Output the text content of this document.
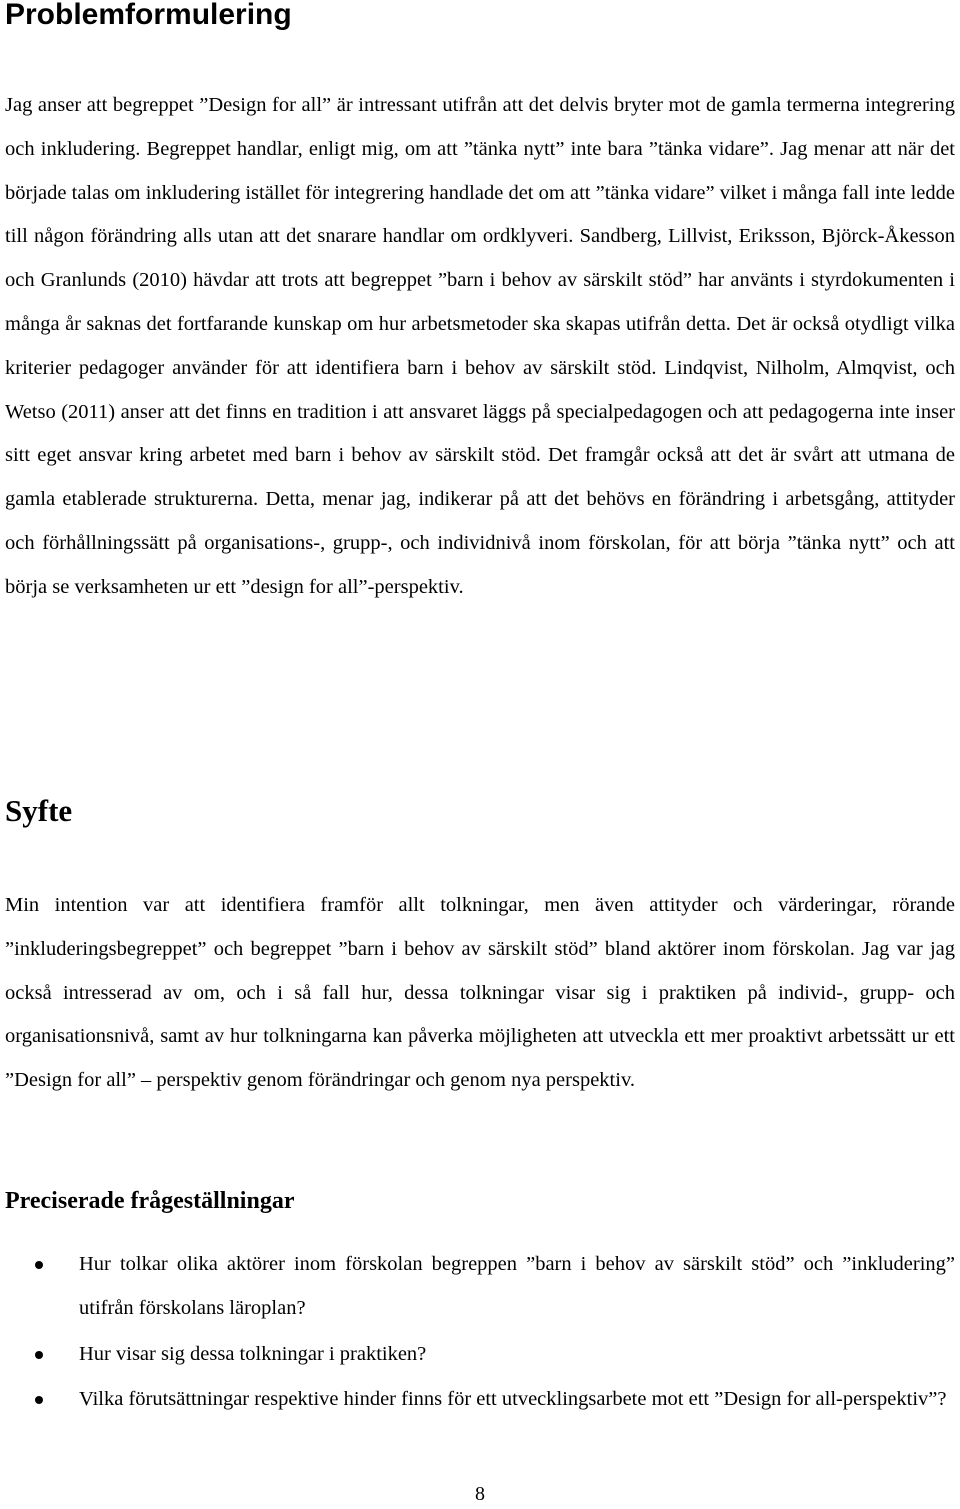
Problemformulering

Jag anser att begreppet ”Design for all” är intressant utifrån att det delvis bryter mot de gamla termerna integrering och inkludering. Begreppet handlar, enligt mig, om att ”tänka nytt” inte bara ”tänka vidare”. Jag menar att när det började talas om inkludering istället för integrering handlade det om att ”tänka vidare” vilket i många fall inte ledde till någon förändring alls utan att det snarare handlar om ordklyveri. Sandberg, Lillvist, Eriksson, Björck-Åkesson och Granlunds (2010) hävdar att trots att begreppet ”barn i behov av särskilt stöd” har använts i styrdokumenten i många år saknas det fortfarande kunskap om hur arbetsmetoder ska skapas utifrån detta. Det är också otydligt vilka kriterier pedagoger använder för att identifiera barn i behov av särskilt stöd. Lindqvist, Nilholm, Almqvist, och Wetso (2011) anser att det finns en tradition i att ansvaret läggs på specialpedagogen och att pedagogerna inte inser sitt eget ansvar kring arbetet med barn i behov av särskilt stöd. Det framgår också att det är svårt att utmana de gamla etablerade strukturerna. Detta, menar jag, indikerar på att det behövs en förändring i arbetsgång, attityder och förhållningssätt på organisations-, grupp-, och individnivå inom förskolan, för att börja ”tänka nytt” och att börja se verksamheten ur ett ”design for all”-perspektiv.

Syfte

Min intention var att identifiera framför allt tolkningar, men även attityder och värderingar, rörande ”inkluderingsbegreppet” och begreppet ”barn i behov av särskilt stöd” bland aktörer inom förskolan. Jag var jag också intresserad av om, och i så fall hur, dessa tolkningar visar sig i praktiken på individ-, grupp- och organisationsnivå, samt av hur tolkningarna kan påverka möjligheten att utveckla ett mer proaktivt arbetssätt ur ett ”Design for all” – perspektiv genom förändringar och genom nya perspektiv.

Preciserade frågeställningar
Hur tolkar olika aktörer inom förskolan begreppen ”barn i behov av särskilt stöd” och ”inkludering” utifrån förskolans läroplan?
Hur visar sig dessa tolkningar i praktiken?
Vilka förutsättningar respektive hinder finns för ett utvecklingsarbete mot ett ”Design for all-perspektiv”?
8
